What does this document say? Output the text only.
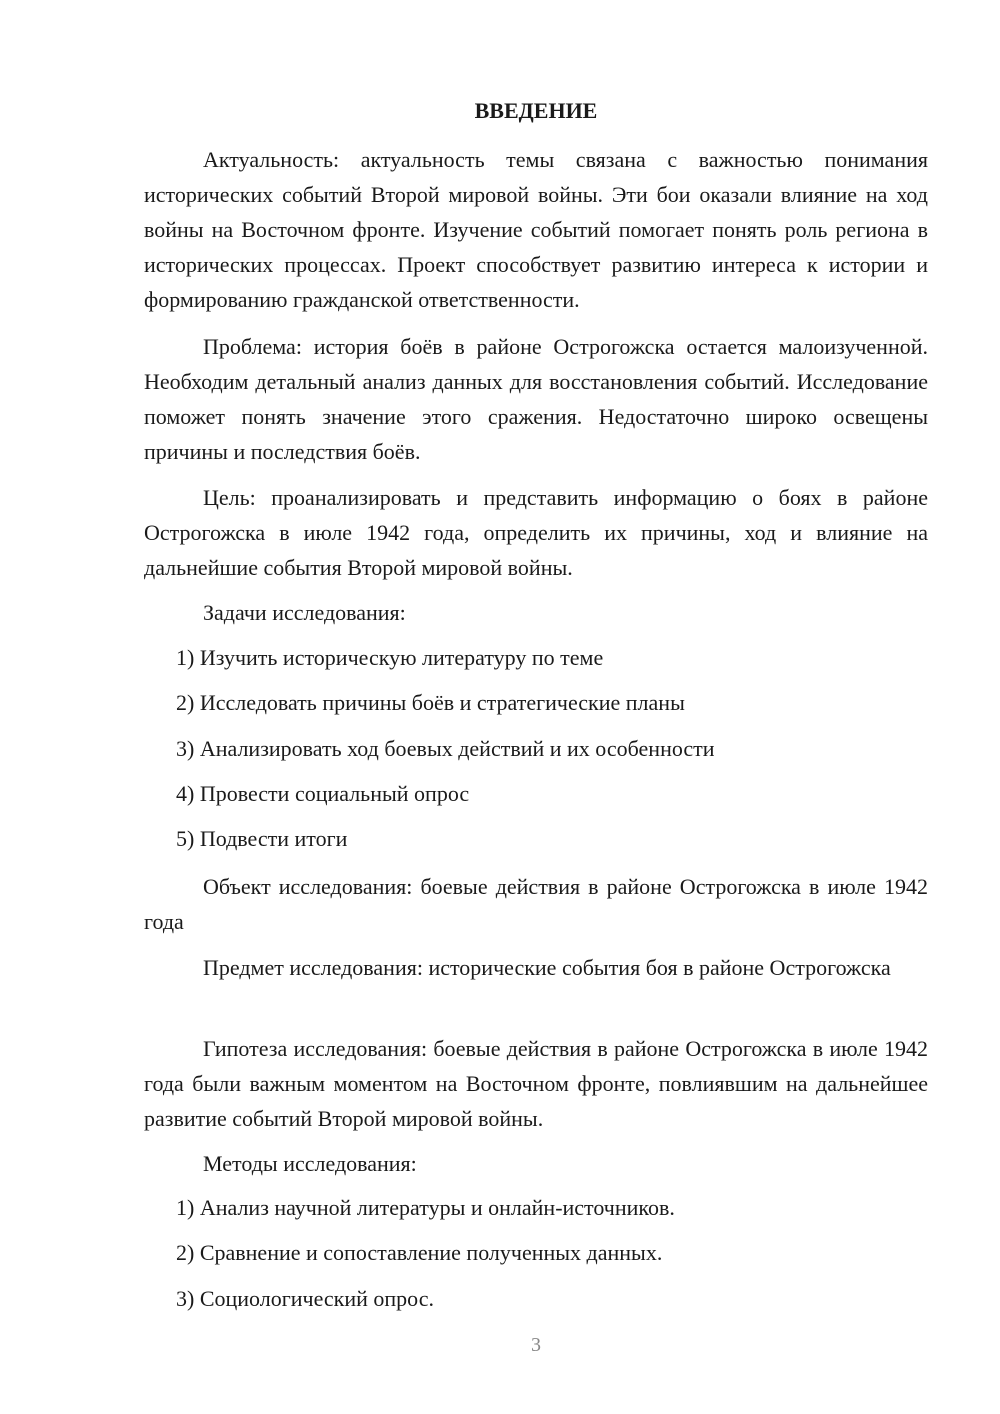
ВВЕДЕНИЕ

Актуальность: актуальность темы связана с важностью понимания исторических событий Второй мировой войны. Эти бои оказали влияние на ход войны на Восточном фронте. Изучение событий помогает понять роль региона в исторических процессах. Проект способствует развитию интереса к истории и формированию гражданской ответственности.

Проблема: история боёв в районе Острогожска остается малоизученной. Необходим детальный анализ данных для восстановления событий. Исследование поможет понять значение этого сражения. Недостаточно широко освещены причины и последствия боёв.

Цель: проанализировать и представить информацию о боях в районе Острогожска в июле 1942 года, определить их причины, ход и влияние на дальнейшие события Второй мировой войны.

Задачи исследования:

1) Изучить историческую литературу по теме

2) Исследовать причины боёв и стратегические планы

3) Анализировать ход боевых действий и их особенности

4) Провести социальный опрос

5) Подвести итоги

Объект исследования: боевые действия в районе Острогожска в июле 1942 года

Предмет исследования: исторические события боя в районе Острогожска

Гипотеза исследования: боевые действия в районе Острогожска в июле 1942 года были важным моментом на Восточном фронте, повлиявшим на дальнейшее развитие событий Второй мировой войны.

Методы исследования:

1) Анализ научной литературы и онлайн-источников.

2) Сравнение и сопоставление полученных данных.

3) Социологический опрос.

3
